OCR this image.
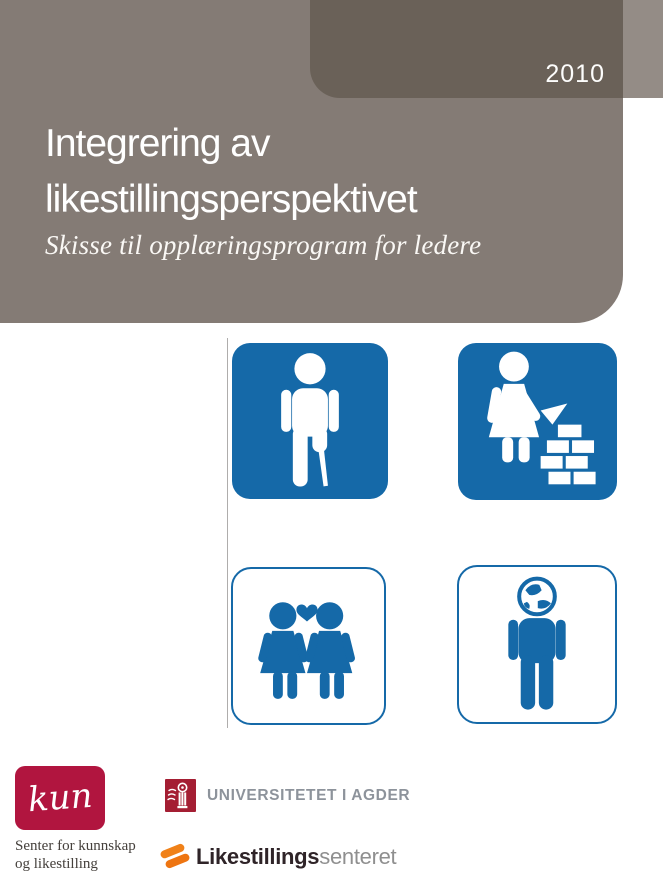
Integrering av
likestillingsperspektivet
Skisse til opplæringsprogram for ledere
2010
kun
Senter for kunnskap
og likestilling
UNIVERSITETET I AGDER
Likestillingssenteret
